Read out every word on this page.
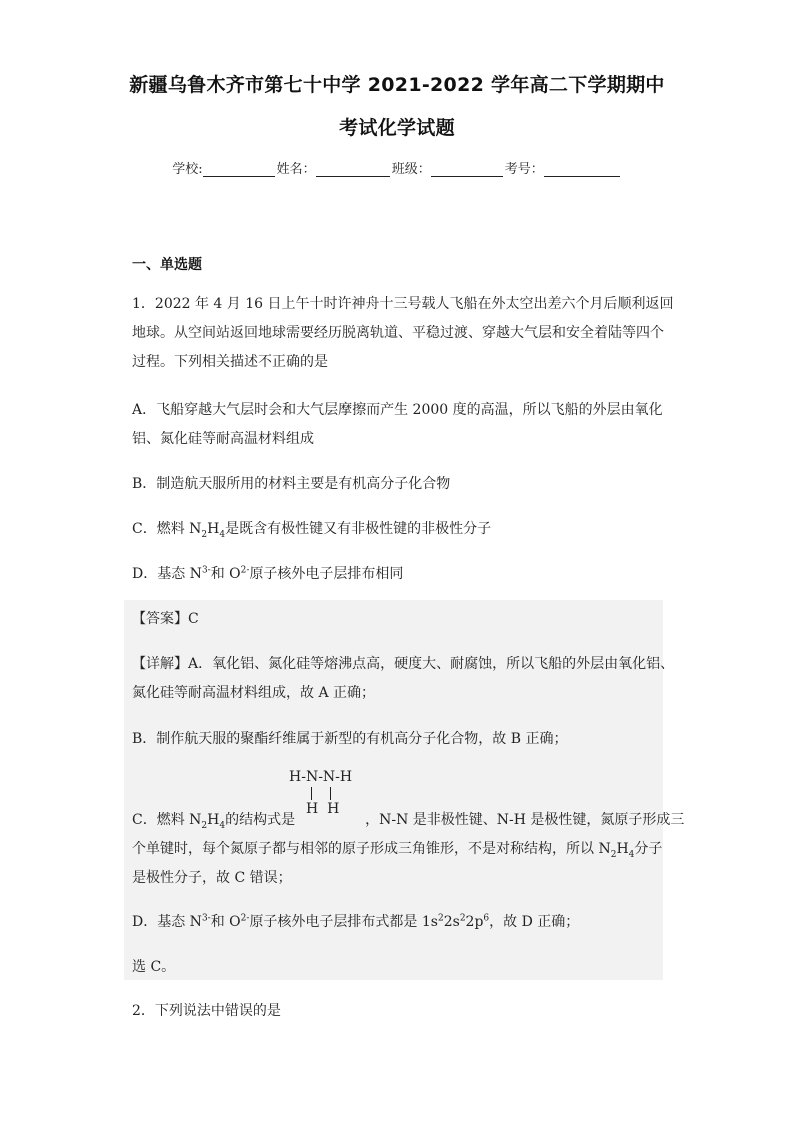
新疆乌鲁木齐市第七十中学 2021-2022 学年高二下学期期中
考试化学试题
学校:	姓名：	班级：	考号：
一、单选题
1．2022 年 4 月 16 日上午十时许神舟十三号载人飞船在外太空出差六个月后顺利返回
地球。从空间站返回地球需要经历脱离轨道、平稳过渡、穿越大气层和安全着陆等四个
过程。下列相关描述不正确的是
A．飞船穿越大气层时会和大气层摩擦而产生 2000 度的高温，所以飞船的外层由氧化
铝、氮化硅等耐高温材料组成
B．制造航天服所用的材料主要是有机高分子化合物
C．燃料 $N_2H_4$是既含有极性键又有非极性键的非极性分子
D．基态 $N^{3-}$和 $O^{2-}$原子核外电子层排布相同
【答案】C
【详解】A．氧化铝、氮化硅等熔沸点高，硬度大、耐腐蚀，所以飞船的外层由氧化铝、
氮化硅等耐高温材料组成，故 A 正确；
B．制作航天服的聚酯纤维属于新型的有机高分子化合物，故 B 正确；
H-N-N-H
H  H
C．燃料 $N_2H_4$的结构式是	，N-N 是非极性键、N-H 是极性键，氮原子形成三
个单键时，每个氮原子都与相邻的原子形成三角锥形，不是对称结构，所以 $N_2H_4$分子
是极性分子，故 C 错误；
D．基态 $N^{3-}$和 $O^{2-}$原子核外电子层排布式都是 $1s^22s^22p^6$，故 D 正确；
选 C。
2．下列说法中错误的是
